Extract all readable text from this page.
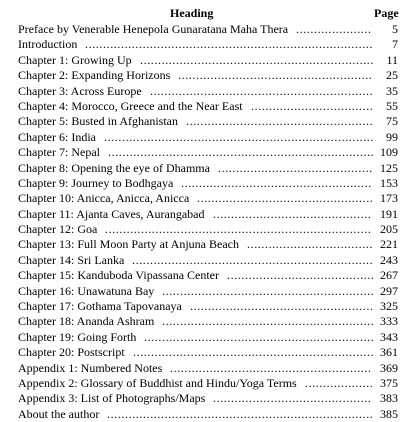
Heading	Page
Preface by Venerable Henepola Gunaratana Maha Thera .....................	5
Introduction ................................................................................	7
Chapter 1: Growing Up .................................................................	11
Chapter 2: Expanding Horizons ......................................................	25
Chapter 3: Across Europe ..............................................................	35
Chapter 4: Morocco, Greece and the Near East ..................................	55
Chapter 5: Busted in Afghanistan ....................................................	75
Chapter 6: India ...........................................................................	99
Chapter 7: Nepal .......................................................................... 109
Chapter 8: Opening the eye of Dhamma ........................................... 125
Chapter 9: Journey to Bodhgaya ..................................................... 153
Chapter 10: Anicca, Anicca, Anicca ................................................. 173
Chapter 11: Ajanta Caves, Aurangabad ............................................ 191
Chapter 12: Goa .......................................................................... 205
Chapter 13: Full Moon Party at Anjuna Beach ................................... 221
Chapter 14: Sri Lanka ................................................................... 243
Chapter 15: Kanduboda Vipassana Center ......................................... 267
Chapter 16: Unawatuna Bay ........................................................... 297
Chapter 17: Gothama Tapovanaya ................................................... 325
Chapter 18: Ananda Ashram ........................................................... 333
Chapter 19: Going Forth ................................................................ 343
Chapter 20: Postscript ................................................................... 361
Appendix 1: Numbered Notes ........................................................ 369
Appendix 2: Glossary of Buddhist and Hindu/Yoga Terms ................... 375
Appendix 3: List of Photographs/Maps ............................................ 383
About the author .......................................................................... 385
